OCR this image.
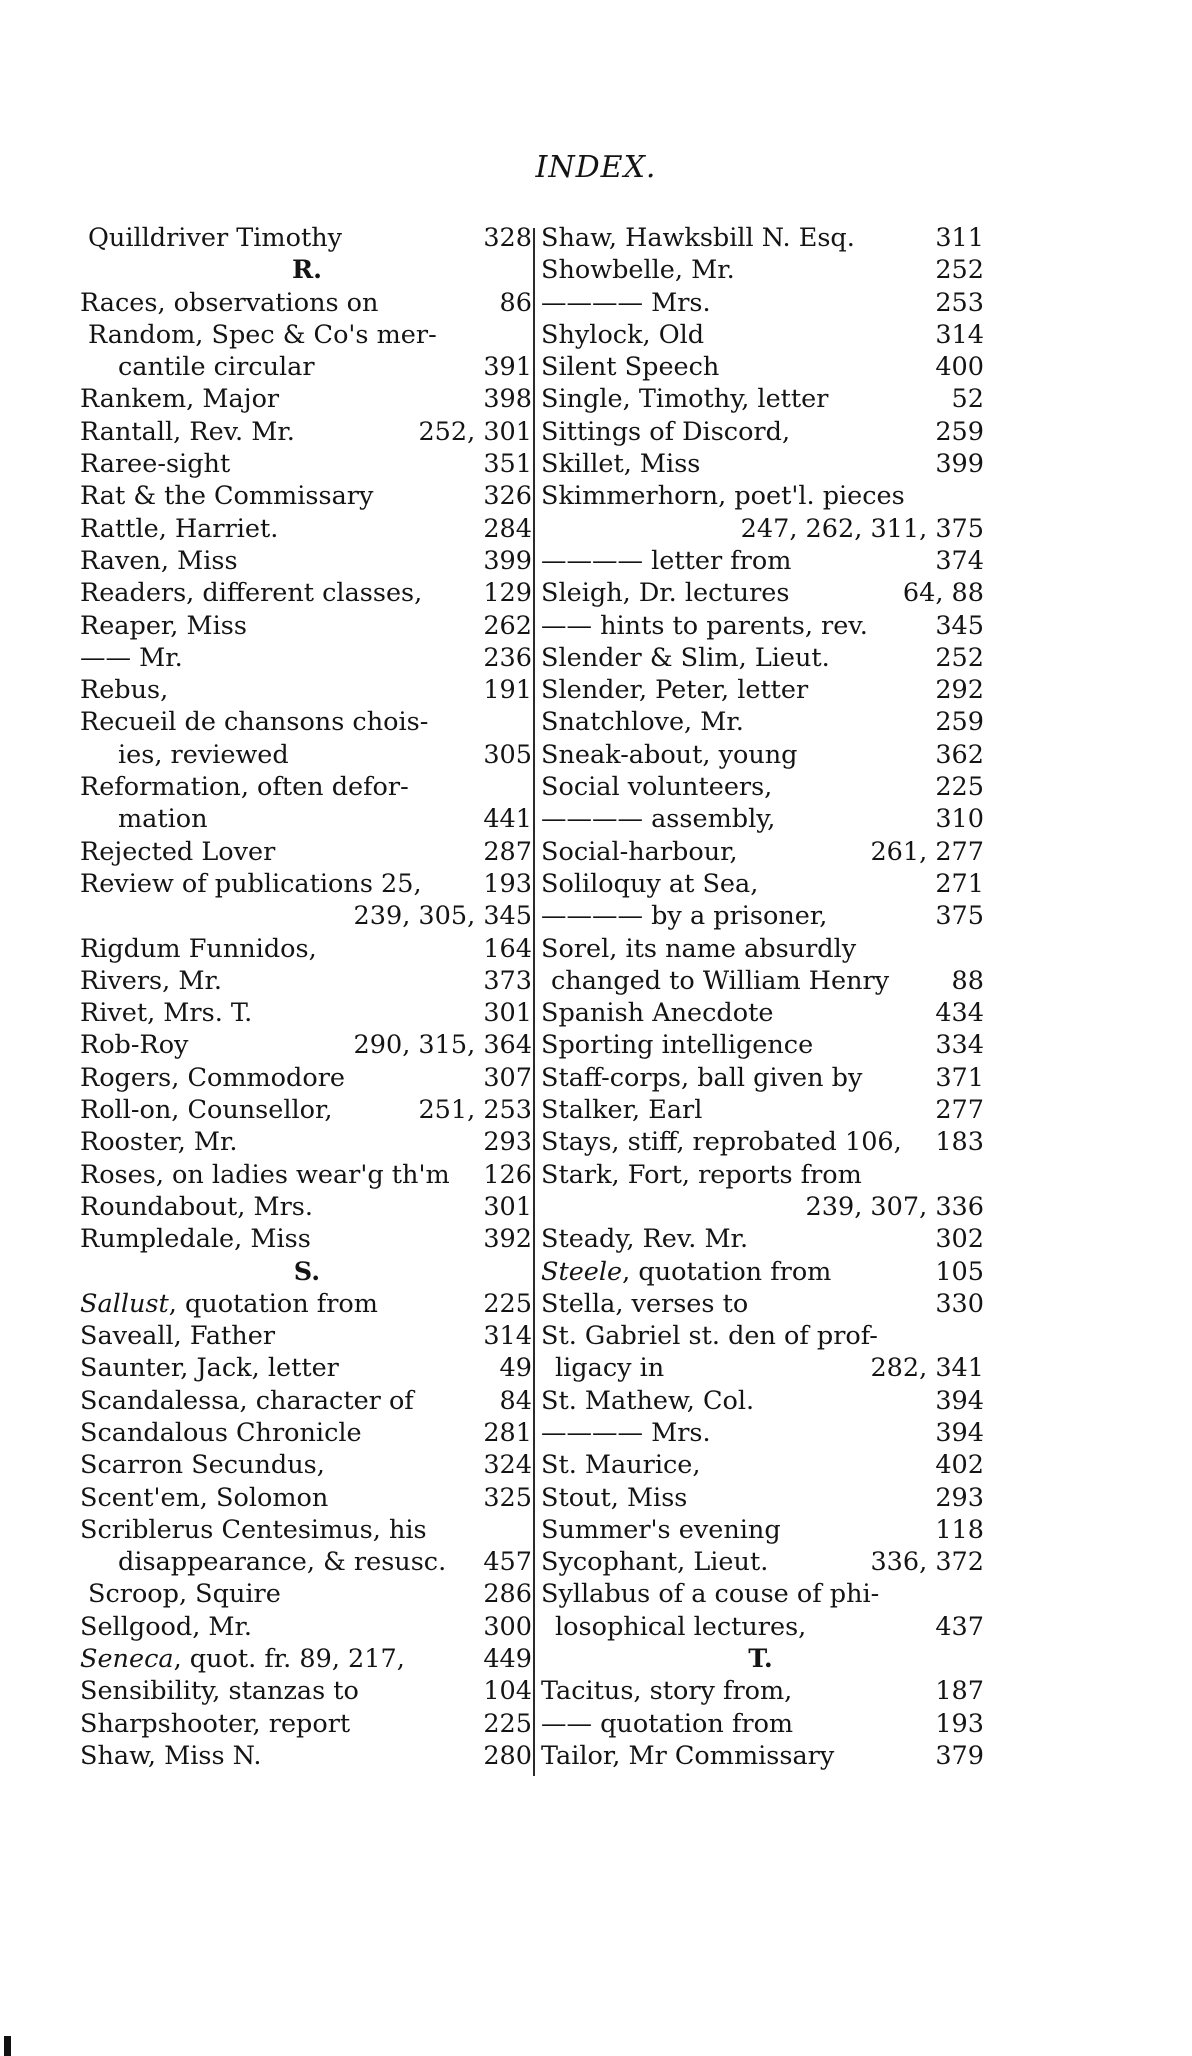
INDEX.
Quilldriver Timothy	328
R.
Races, observations on	86
Random, Spec & Co's mer-
cantile circular	391
Rankem, Major	398
Rantall, Rev. Mr.	252, 301
Raree-sight	351
Rat & the Commissary	326
Rattle, Harriet.	284
Raven, Miss	399
Readers, different classes,	129
Reaper, Miss	262
—— Mr.	236
Rebus,	191
Recueil de chansons chois-
ies, reviewed	305
Reformation, often defor-
mation	441
Rejected Lover	287
Review of publications 25,	193
239, 305, 345
Rigdum Funnidos,	164
Rivers, Mr.	373
Rivet, Mrs. T.	301
Rob-Roy	290, 315, 364
Rogers, Commodore	307
Roll-on, Counsellor,	251, 253
Rooster, Mr.	293
Roses, on ladies wear'g th'm	126
Roundabout, Mrs.	301
Rumpledale, Miss	392
S.
Sallust, quotation from	225
Saveall, Father	314
Saunter, Jack, letter	49
Scandalessa, character of	84
Scandalous Chronicle	281
Scarron Secundus,	324
Scent'em, Solomon	325
Scriblerus Centesimus, his
disappearance, & resusc.	457
Scroop, Squire	286
Sellgood, Mr.	300
Seneca, quot. fr. 89, 217,	449
Sensibility, stanzas to	104
Sharpshooter, report	225
Shaw, Miss N.	280
Shaw, Hawksbill N. Esq.	311
Showbelle, Mr.	252
———— Mrs.	253
Shylock, Old	314
Silent Speech	400
Single, Timothy, letter	52
Sittings of Discord,	259
Skillet, Miss	399
Skimmerhorn, poet'l. pieces
247, 262, 311, 375
———— letter from	374
Sleigh, Dr. lectures	64, 88
—— hints to parents, rev.	345
Slender & Slim, Lieut.	252
Slender, Peter, letter	292
Snatchlove, Mr.	259
Sneak-about, young	362
Social volunteers,	225
———— assembly,	310
Social-harbour,	261, 277
Soliloquy at Sea,	271
———— by a prisoner,	375
Sorel, its name absurdly
changed to William Henry	88
Spanish Anecdote	434
Sporting intelligence	334
Staff-corps, ball given by	371
Stalker, Earl	277
Stays, stiff, reprobated 106,	183
Stark, Fort, reports from
239, 307, 336
Steady, Rev. Mr.	302
Steele, quotation from	105
Stella, verses to	330
St. Gabriel st. den of prof-
ligacy in	282, 341
St. Mathew, Col.	394
———— Mrs.	394
St. Maurice,	402
Stout, Miss	293
Summer's evening	118
Sycophant, Lieut.	336, 372
Syllabus of a couse of phi-
losophical lectures,	437
T.
Tacitus, story from,	187
—— quotation from	193
Tailor, Mr Commissary	379
